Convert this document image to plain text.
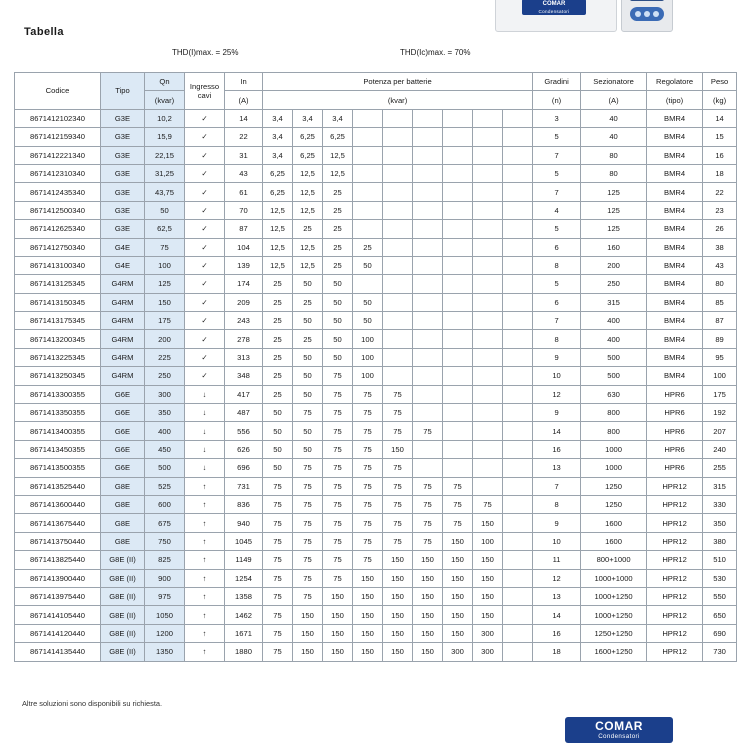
COMAR
Condensatori
Tabella
THD(I)max. = 25%	THD(Ic)max. = 70%
Codice	Tipo	Qn	Ingresso cavi	In	Potenza per batterie									Gradini	Sezionatore	Regolatore	Peso
		(kvar)		(A)	(kvar)									(n)	(A)	(tipo)	(kg)
8671412102340	G3E	10,2	✓	14	3,4	3,4	3,4							3	40	BMR4	14
8671412159340	G3E	15,9	✓	22	3,4	6,25	6,25							5	40	BMR4	15
8671412221340	G3E	22,15	✓	31	3,4	6,25	12,5							7	80	BMR4	16
8671412310340	G3E	31,25	✓	43	6,25	12,5	12,5							5	80	BMR4	18
8671412435340	G3E	43,75	✓	61	6,25	12,5	25							7	125	BMR4	22
8671412500340	G3E	50	✓	70	12,5	12,5	25							4	125	BMR4	23
8671412625340	G3E	62,5	✓	87	12,5	25	25							5	125	BMR4	26
8671412750340	G4E	75	✓	104	12,5	12,5	25	25						6	160	BMR4	38
8671413100340	G4E	100	✓	139	12,5	12,5	25	50						8	200	BMR4	43
8671413125345	G4RM	125	✓	174	25	50	50							5	250	BMR4	80
8671413150345	G4RM	150	✓	209	25	25	50	50						6	315	BMR4	85
8671413175345	G4RM	175	✓	243	25	50	50	50						7	400	BMR4	87
8671413200345	G4RM	200	✓	278	25	25	50	100						8	400	BMR4	89
8671413225345	G4RM	225	✓	313	25	50	50	100						9	500	BMR4	95
8671413250345	G4RM	250	✓	348	25	50	75	100						10	500	BMR4	100
8671413300355	G6E	300	↓	417	25	50	75	75	75					12	630	HPR6	175
8671413350355	G6E	350	↓	487	50	75	75	75	75					9	800	HPR6	192
8671413400355	G6E	400	↓	556	50	50	75	75	75	75				14	800	HPR6	207
8671413450355	G6E	450	↓	626	50	50	75	75	150					16	1000	HPR6	240
8671413500355	G6E	500	↓	696	50	75	75	75	75					13	1000	HPR6	255
8671413525440	G8E	525	↑	731	75	75	75	75	75	75	75			7	1250	HPR12	315
8671413600440	G8E	600	↑	836	75	75	75	75	75	75	75	75		8	1250	HPR12	330
8671413675440	G8E	675	↑	940	75	75	75	75	75	75	75	150		9	1600	HPR12	350
8671413750440	G8E	750	↑	1045	75	75	75	75	75	75	150	100		10	1600	HPR12	380
8671413825440	G8E (II)	825	↑	1149	75	75	75	75	150	150	150	150		11	800+1000	HPR12	510
8671413900440	G8E (II)	900	↑	1254	75	75	75	150	150	150	150	150		12	1000+1000	HPR12	530
8671413975440	G8E (II)	975	↑	1358	75	75	150	150	150	150	150	150		13	1000+1250	HPR12	550
8671414105440	G8E (II)	1050	↑	1462	75	150	150	150	150	150	150	150		14	1000+1250	HPR12	650
8671414120440	G8E (II)	1200	↑	1671	75	150	150	150	150	150	150	300		16	1250+1250	HPR12	690
8671414135440	G8E (II)	1350	↑	1880	75	150	150	150	150	150	300	300		18	1600+1250	HPR12	730
Altre soluzioni sono disponibili su richiesta.
COMAR
Condensatori
